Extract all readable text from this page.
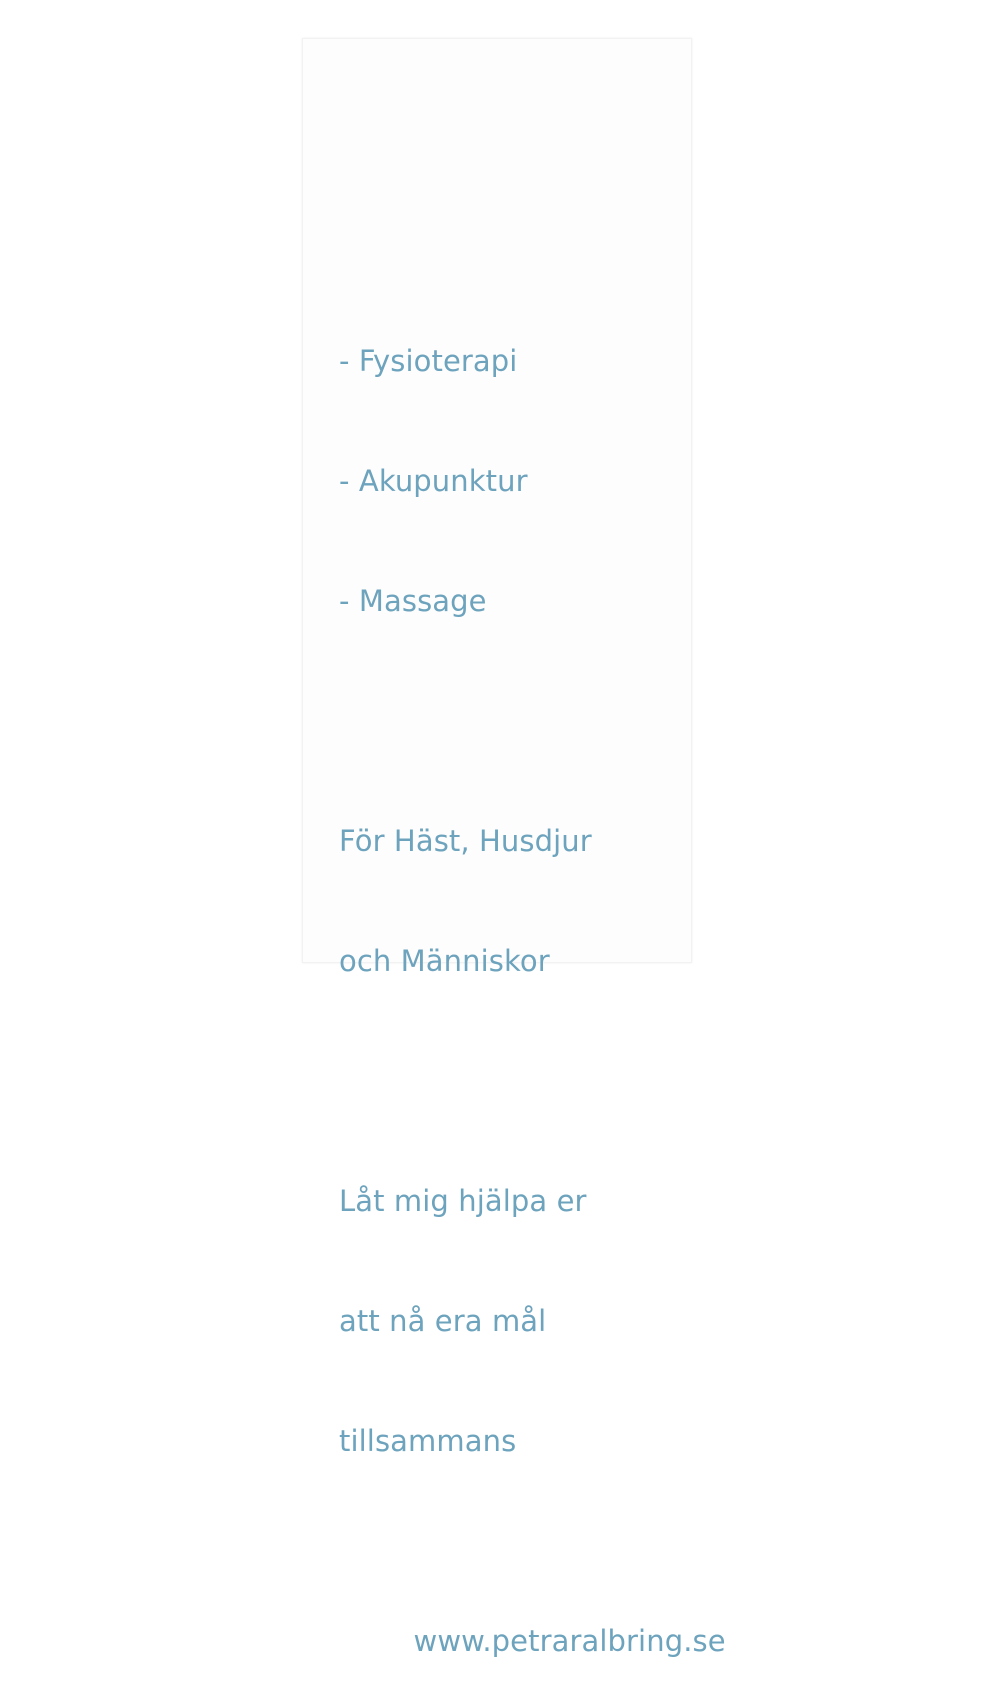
- Fysioterapi

- Akupunktur

- Massage

För Häst, Husdjur

och Människor

Låt mig hjälpa er

att nå era mål

tillsammans

www.petraralbring.se
